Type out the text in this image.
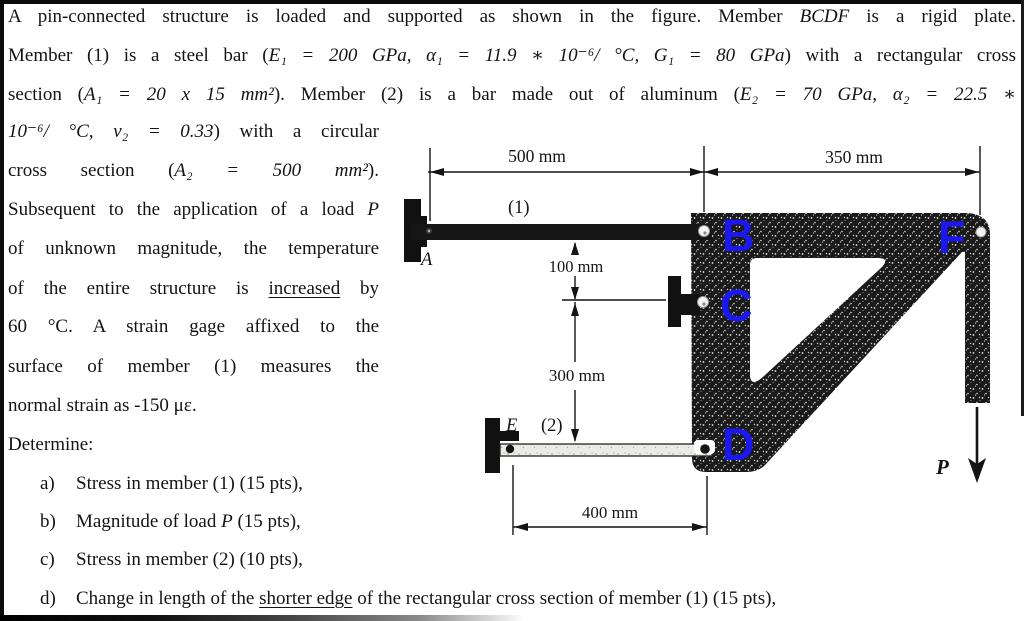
A pin-connected structure is loaded and supported as shown in the figure. Member BCDF is a rigid plate.
Member (1) is a steel bar (E₁ = 200 GPa, α₁ = 11.9 ∗ 10⁻⁶/ °C, G₁ = 80 GPa) with a rectangular cross
section (A₁ = 20 x 15 mm²). Member (2) is a bar made out of aluminum (E₂ = 70 GPa, α₂ = 22.5 ∗
10⁻⁶/ °C, ν₂ = 0.33) with a circular
cross section (A₂ = 500 mm²).
Subsequent to the application of a load P
of unknown magnitude, the temperature
of the entire structure is increased by
60 °C. A strain gage affixed to the
surface of member (1) measures the
normal strain as -150 με.
Determine:
a) Stress in member (1) (15 pts),
b) Magnitude of load P (15 pts),
c) Stress in member (2) (10 pts),
d) Change in length of the shorter edge of the rectangular cross section of member (1) (15 pts),
(1)
A
E (2)
500 mm	350 mm
100 mm
300 mm
400 mm
P
B
C
D
F
